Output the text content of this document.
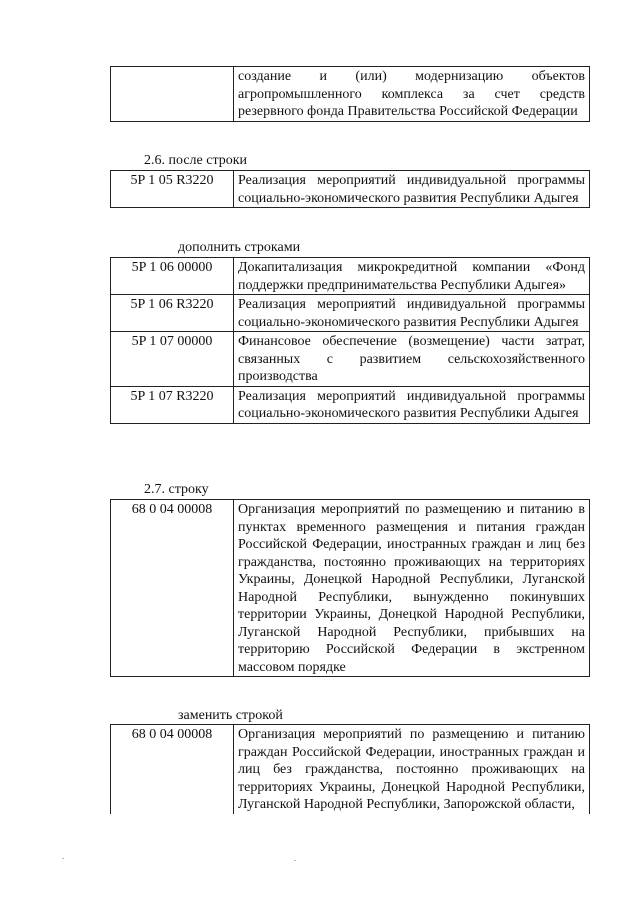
	создание и (или) модернизацию объектов агропромышленного комплекса за счет средств резервного фонда Правительства Российской Федерации
2.6. после строки
5P 1 05 R3220	Реализация мероприятий индивидуальной программы социально-экономического развития Республики Адыгея
дополнить строками
5P 1 06 00000	Докапитализация микрокредитной компании «Фонд поддержки предпринимательства Республики Адыгея»
5P 1 06 R3220	Реализация мероприятий индивидуальной программы социально-экономического развития Республики Адыгея
5P 1 07 00000	Финансовое обеспечение (возмещение) части затрат, связанных с развитием сельскохозяйственного производства
5P 1 07 R3220	Реализация мероприятий индивидуальной программы социально-экономического развития Республики Адыгея
2.7. строку
68 0 04 00008	Организация мероприятий по размещению и питанию в пунктах временного размещения и питания граждан Российской Федерации, иностранных граждан и лиц без гражданства, постоянно проживающих на территориях Украины, Донецкой Народной Республики, Луганской Народной Республики, вынужденно покинувших территории Украины, Донецкой Народной Республики, Луганской Народной Республики, прибывших на территорию Российской Федерации в экстренном массовом порядке
заменить строкой
68 0 04 00008	Организация мероприятий по размещению и питанию граждан Российской Федерации, иностранных граждан и лиц без гражданства, постоянно проживающих на территориях Украины, Донецкой Народной Республики, Луганской Народной Республики, Запорожской области,
